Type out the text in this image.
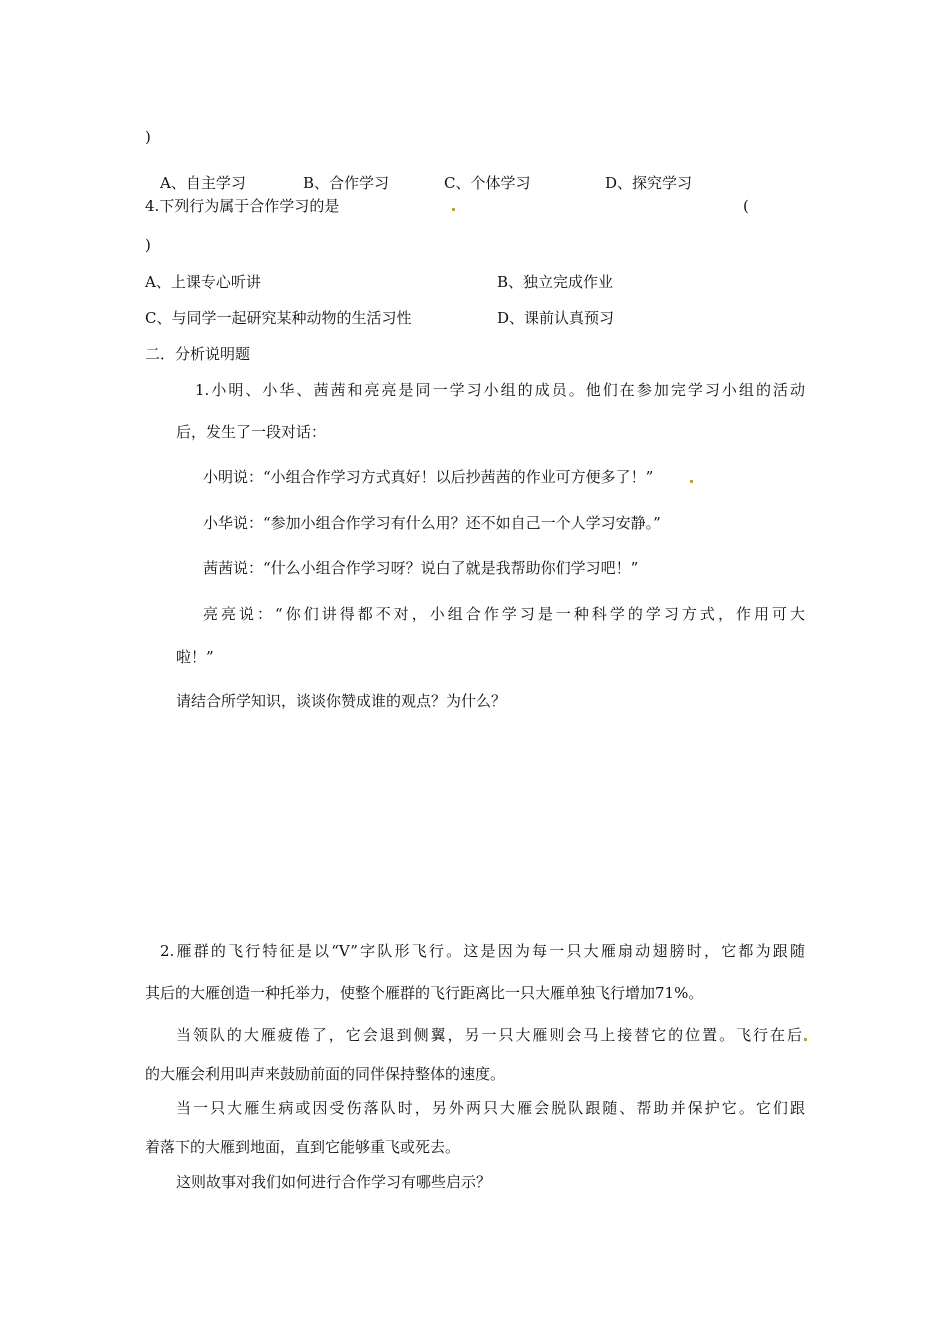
)
A、自主学习	B、合作学习	C、个体学习	D、探究学习
4.下列行为属于合作学习的是	(
)
A、上课专心听讲	B、独立完成作业
C、与同学一起研究某种动物的生活习性	D、课前认真预习
二．分析说明题
1.小明、小华、茜茜和亮亮是同一学习小组的成员。他们在参加完学习小组的活动
后，发生了一段对话：
小明说：“小组合作学习方式真好！以后抄茜茜的作业可方便多了！”
小华说：“参加小组合作学习有什么用？还不如自己一个人学习安静。”
茜茜说：“什么小组合作学习呀？说白了就是我帮助你们学习吧！”
亮亮说：“你们讲得都不对，小组合作学习是一种科学的学习方式，作用可大
啦！”
请结合所学知识，谈谈你赞成谁的观点？为什么？
2.雁群的飞行特征是以“V”字队形飞行。这是因为每一只大雁扇动翅膀时，它都为跟随
其后的大雁创造一种托举力，使整个雁群的飞行距离比一只大雁单独飞行增加71%。
当领队的大雁疲倦了，它会退到侧翼，另一只大雁则会马上接替它的位置。飞行在后
的大雁会利用叫声来鼓励前面的同伴保持整体的速度。
当一只大雁生病或因受伤落队时，另外两只大雁会脱队跟随、帮助并保护它。它们跟
着落下的大雁到地面，直到它能够重飞或死去。
这则故事对我们如何进行合作学习有哪些启示？
